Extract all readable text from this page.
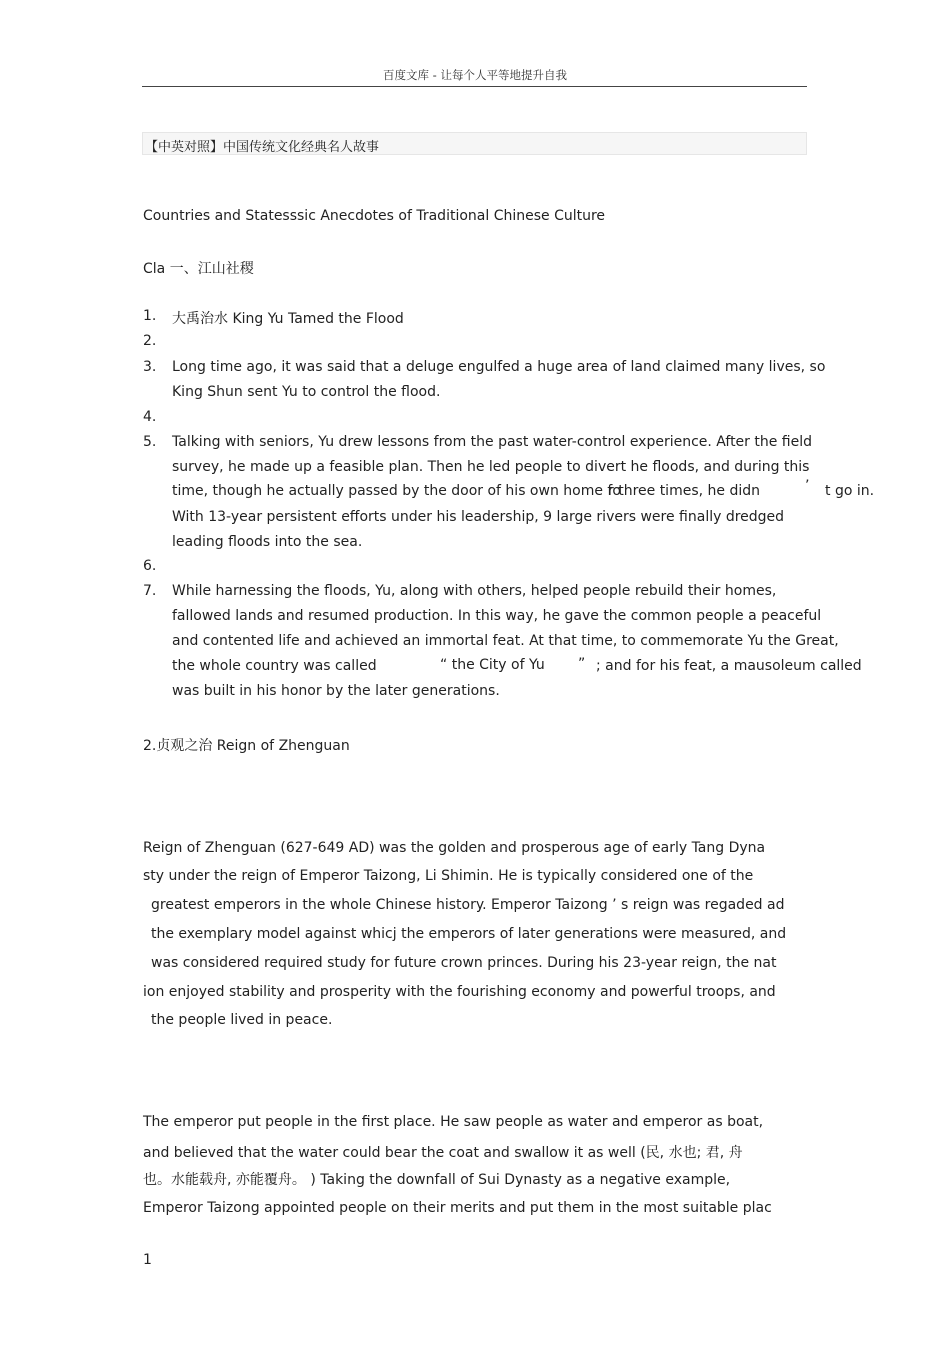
百度文库 - 让每个人平等地提升自我
【中英对照】中国传统文化经典名人故事
Countries and Statesssic Anecdotes of Traditional Chinese Culture
Cla 一、江山社稷
1. 大禹治水 King Yu Tamed the Flood
2.
3. Long time ago, it was said that a deluge engulfed a huge area of land claimed many lives, so
King Shun sent Yu to control the flood.
4.
5. Talking with seniors, Yu drew lessons from the past water-control experience. After the field
survey, he made up a feasible plan. Then he led people to divert he floods, and during this
time, though he actually passed by the door of his own home fo
r three times, he didn	’ t go in.
With 13-year persistent efforts under his leadership, 9 large rivers were finally dredged
leading floods into the sea.
6.
7. While harnessing the floods, Yu, along with others, helped people rebuild their homes,
fallowed lands and resumed production. In this way, he gave the common people a peaceful
and contented life and achieved an immortal feat. At that time, to commemorate Yu the Great,
the whole country was called	“ the City of Yu ” ; and for his feat, a mausoleum called
was built in his honor by the later generations.
2.贞观之治 Reign of Zhenguan
Reign of Zhenguan (627-649 AD) was the golden and prosperous age of early Tang Dyna
sty under the reign of Emperor Taizong, Li Shimin. He is typically considered one of the
greatest emperors in the whole Chinese history. Emperor Taizong ’ s reign was regaded ad
the exemplary model against whicj the emperors of later generations were measured, and
was considered required study for future crown princes. During his 23-year reign, the nat
ion enjoyed stability and prosperity with the fourishing economy and powerful troops, and
the people lived in peace.
The emperor put people in the first place. He saw people as water and emperor as boat,
and believed that the water could bear the coat and swallow it as well (民, 水也; 君, 舟
也。水能载舟, 亦能覆舟。 ) Taking the downfall of Sui Dynasty as a negative example,
Emperor Taizong appointed people on their merits and put them in the most suitable plac
1
